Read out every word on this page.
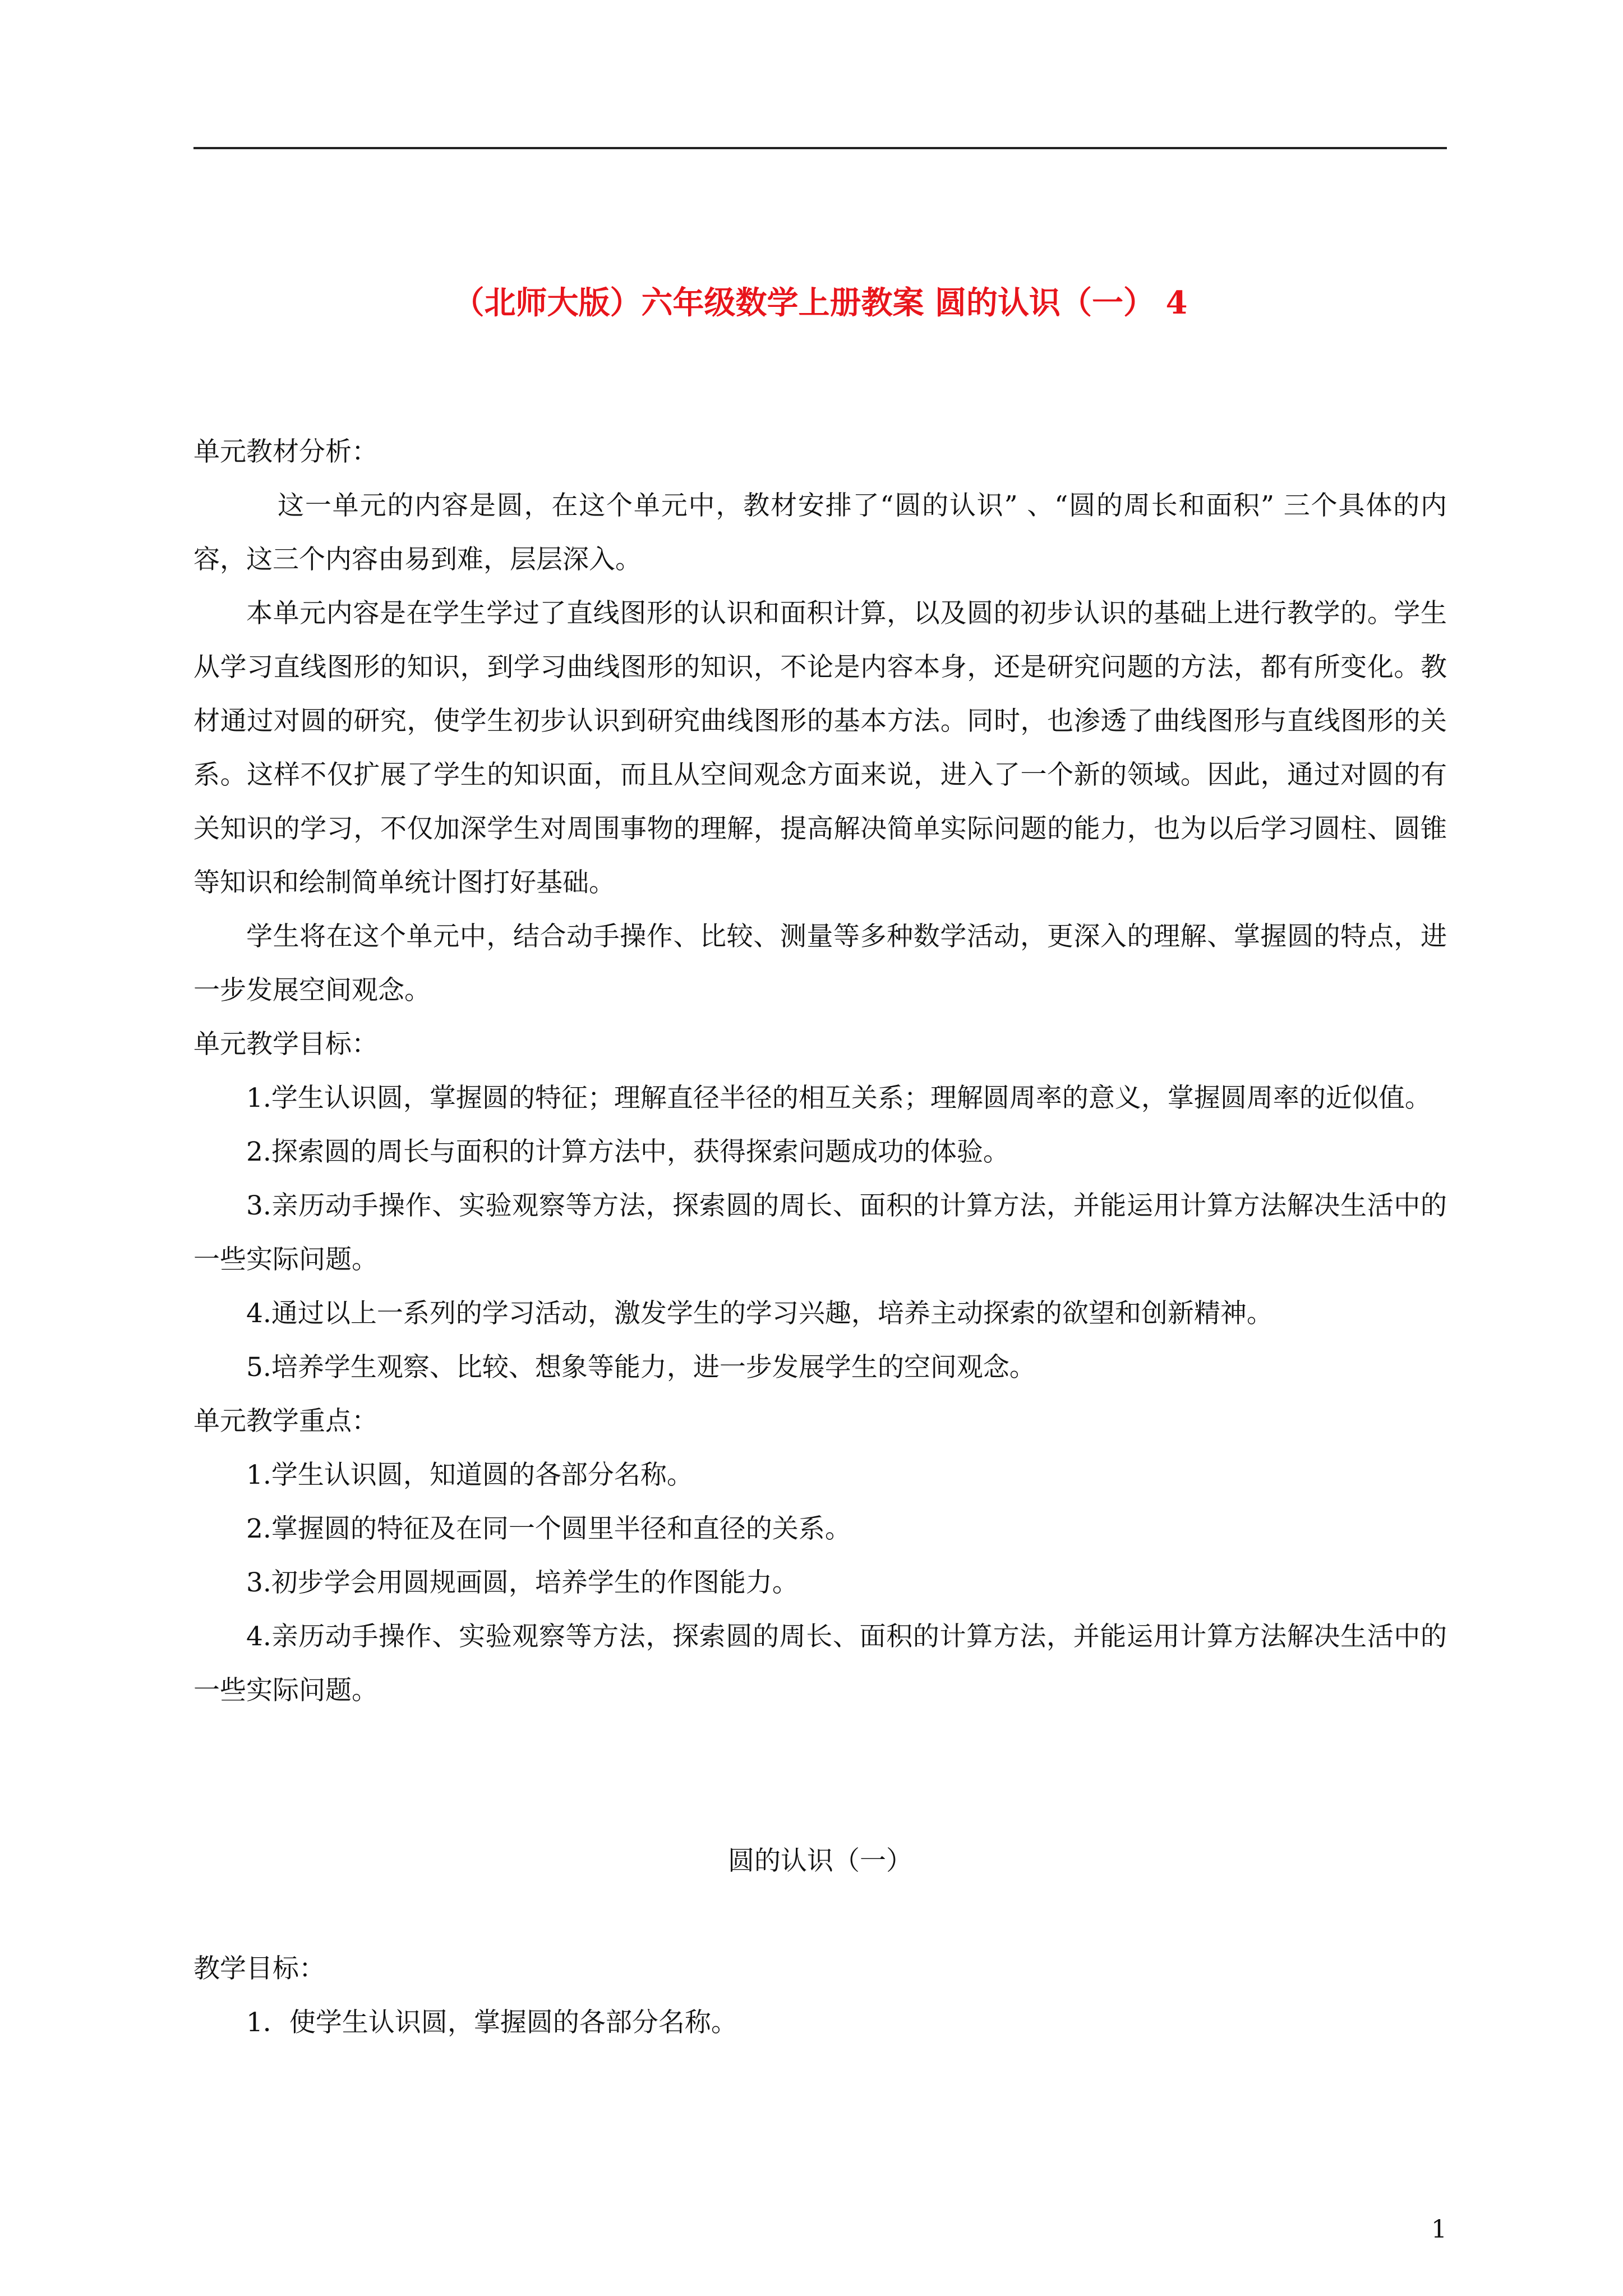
（北师大版）六年级数学上册教案 圆的认识（一） 4

单元教材分析：

这一单元的内容是圆，在这个单元中，教材安排了“圆的认识” 、“圆的周长和面积” 三个具体的内容，这三个内容由易到难，层层深入。

本单元内容是在学生学过了直线图形的认识和面积计算，以及圆的初步认识的基础上进行教学的。学生从学习直线图形的知识，到学习曲线图形的知识，不论是内容本身，还是研究问题的方法，都有所变化。教材通过对圆的研究，使学生初步认识到研究曲线图形的基本方法。同时，也渗透了曲线图形与直线图形的关系。这样不仅扩展了学生的知识面，而且从空间观念方面来说，进入了一个新的领域。因此，通过对圆的有关知识的学习，不仅加深学生对周围事物的理解，提高解决简单实际问题的能力，也为以后学习圆柱、圆锥等知识和绘制简单统计图打好基础。

学生将在这个单元中，结合动手操作、比较、测量等多种数学活动，更深入的理解、掌握圆的特点，进一步发展空间观念。

单元教学目标：

1.学生认识圆，掌握圆的特征；理解直径半径的相互关系；理解圆周率的意义，掌握圆周率的近似值。

2.探索圆的周长与面积的计算方法中，获得探索问题成功的体验。

3.亲历动手操作、实验观察等方法，探索圆的周长、面积的计算方法，并能运用计算方法解决生活中的一些实际问题。

4.通过以上一系列的学习活动，激发学生的学习兴趣，培养主动探索的欲望和创新精神。

5.培养学生观察、比较、想象等能力，进一步发展学生的空间观念。

单元教学重点：

1.学生认识圆，知道圆的各部分名称。

2.掌握圆的特征及在同一个圆里半径和直径的关系。

3.初步学会用圆规画圆，培养学生的作图能力。

4.亲历动手操作、实验观察等方法，探索圆的周长、面积的计算方法，并能运用计算方法解决生活中的一些实际问题。

圆的认识（一）

教学目标：

1．使学生认识圆，掌握圆的各部分名称。

1
